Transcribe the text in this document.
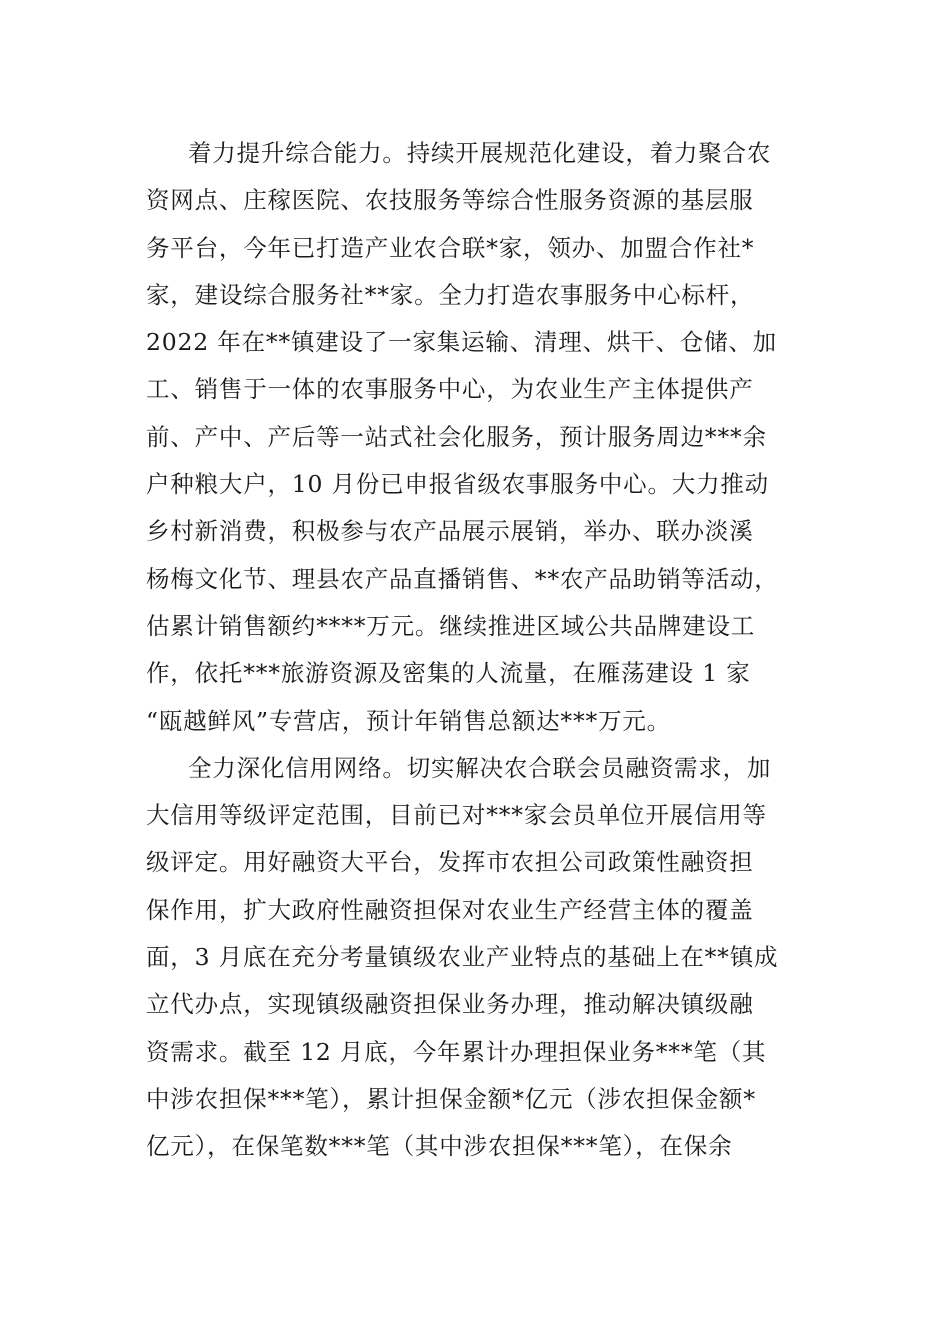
着力提升综合能力。持续开展规范化建设，着力聚合农
资网点、庄稼医院、农技服务等综合性服务资源的基层服
务平台，今年已打造产业农合联*家，领办、加盟合作社*
家，建设综合服务社**家。全力打造农事服务中心标杆，
2022 年在**镇建设了一家集运输、清理、烘干、仓储、加
工、销售于一体的农事服务中心，为农业生产主体提供产
前、产中、产后等一站式社会化服务，预计服务周边***余
户种粮大户，10 月份已申报省级农事服务中心。大力推动
乡村新消费，积极参与农产品展示展销，举办、联办淡溪
杨梅文化节、理县农产品直播销售、**农产品助销等活动，
估累计销售额约****万元。继续推进区域公共品牌建设工
作，依托***旅游资源及密集的人流量，在雁荡建设 1 家
“瓯越鲜风”专营店，预计年销售总额达***万元。

全力深化信用网络。切实解决农合联会员融资需求，加
大信用等级评定范围，目前已对***家会员单位开展信用等
级评定。用好融资大平台，发挥市农担公司政策性融资担
保作用，扩大政府性融资担保对农业生产经营主体的覆盖
面，3 月底在充分考量镇级农业产业特点的基础上在**镇成
立代办点，实现镇级融资担保业务办理，推动解决镇级融
资需求。截至 12 月底，今年累计办理担保业务***笔（其
中涉农担保***笔），累计担保金额*亿元（涉农担保金额*
亿元），在保笔数***笔（其中涉农担保***笔），在保余
